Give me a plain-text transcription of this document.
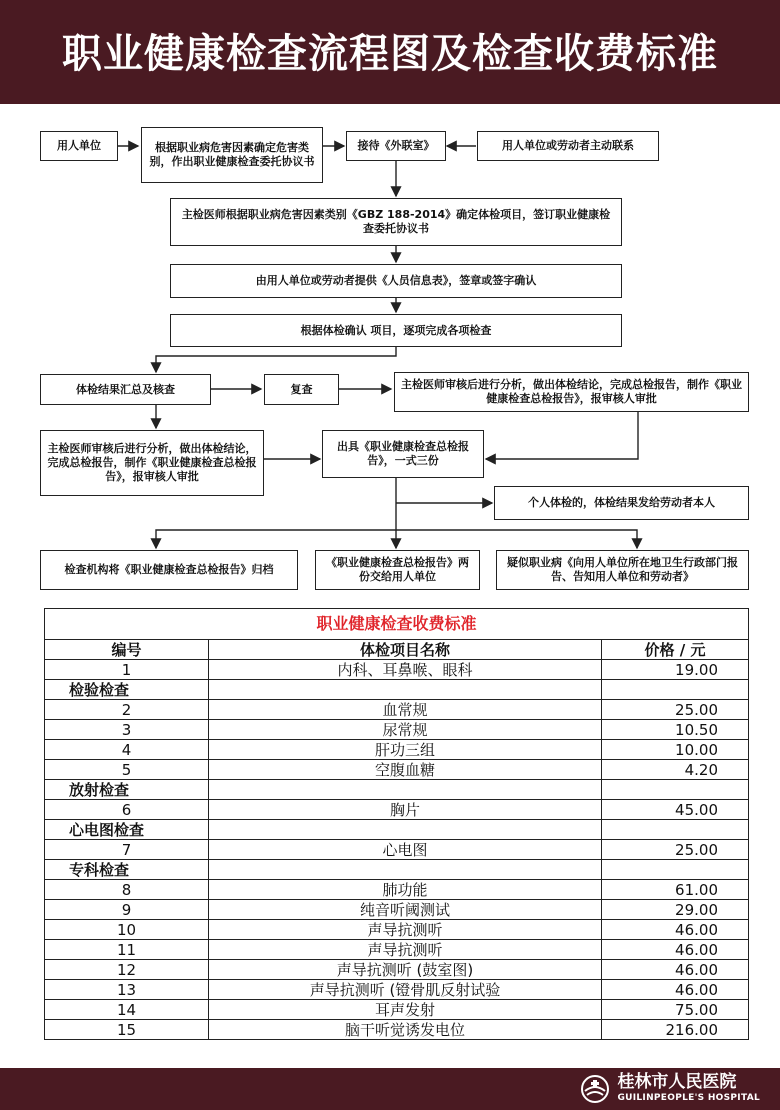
职业健康检查流程图及检查收费标准
用人单位	根据职业病危害因素确定危害类别，作出职业健康检查委托协议书
接待《外联室》	用人单位或劳动者主动联系
主检医师根据职业病危害因素类别《GBZ 188-2014》确定体检项目，签订职业健康检查委托协议书
由用人单位或劳动者提供《人员信息表》，签章或签字确认
根据体检确认 项目，逐项完成各项检查
体检结果汇总及核查	复查	主检医师审核后进行分析，做出体检结论，完成总检报告，制作《职业健康检查总检报告》，报审核人审批
主检医师审核后进行分析，做出体检结论，完成总检报告，制作《职业健康检查总检报告》，报审核人审批
出具《职业健康检查总检报告》，一式三份
个人体检的，体检结果发给劳动者本人
检查机构将《职业健康检查总检报告》归档
《职业健康检查总检报告》两份交给用人单位
疑似职业病《向用人单位所在地卫生行政部门报告、告知用人单位和劳动者》
职业健康检查收费标准		
编号	体检项目名称	价格 / 元
1	内科、耳鼻喉、眼科	19.00
检验检查		
2	血常规	25.00
3	尿常规	10.50
4	肝功三组	10.00
5	空腹血糖	4.20
放射检查		
6	胸片	45.00
心电图检查		
7	心电图	25.00
专科检查		
8	肺功能	61.00
9	纯音听阈测试	29.00
10	声导抗测听	46.00
11	声导抗测听	46.00
12	声导抗测听 (鼓室图)	46.00
13	声导抗测听 (镫骨肌反射试验	46.00
14	耳声发射	75.00
15	脑干听觉诱发电位	216.00
桂林市人民医院
GUILINPEOPLE'S HOSPITAL
